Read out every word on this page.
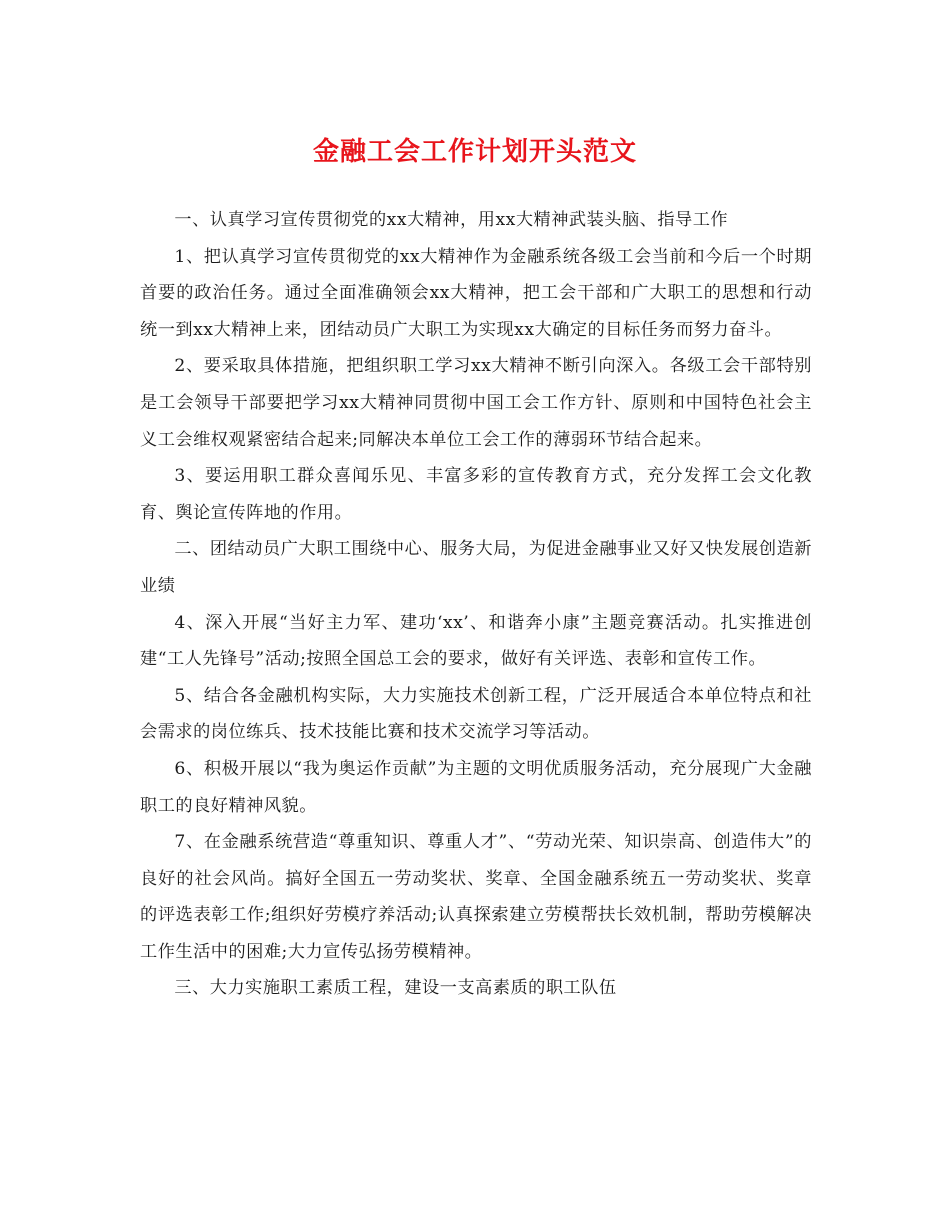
金融工会工作计划开头范文

一、认真学习宣传贯彻党的xx大精神，用xx大精神武装头脑、指导工作

1、把认真学习宣传贯彻党的xx大精神作为金融系统各级工会当前和今后一个时期首要的政治任务。通过全面准确领会xx大精神，把工会干部和广大职工的思想和行动统一到xx大精神上来，团结动员广大职工为实现xx大确定的目标任务而努力奋斗。

2、要采取具体措施，把组织职工学习xx大精神不断引向深入。各级工会干部特别是工会领导干部要把学习xx大精神同贯彻中国工会工作方针、原则和中国特色社会主义工会维权观紧密结合起来;同解决本单位工会工作的薄弱环节结合起来。

3、要运用职工群众喜闻乐见、丰富多彩的宣传教育方式，充分发挥工会文化教育、舆论宣传阵地的作用。

二、团结动员广大职工围绕中心、服务大局，为促进金融事业又好又快发展创造新业绩

4、深入开展“当好主力军、建功‘xx’、和谐奔小康”主题竞赛活动。扎实推进创建“工人先锋号”活动;按照全国总工会的要求，做好有关评选、表彰和宣传工作。

5、结合各金融机构实际，大力实施技术创新工程，广泛开展适合本单位特点和社会需求的岗位练兵、技术技能比赛和技术交流学习等活动。

6、积极开展以“我为奥运作贡献”为主题的文明优质服务活动，充分展现广大金融职工的良好精神风貌。

7、在金融系统营造“尊重知识、尊重人才”、“劳动光荣、知识崇高、创造伟大”的良好的社会风尚。搞好全国五一劳动奖状、奖章、全国金融系统五一劳动奖状、奖章的评选表彰工作;组织好劳模疗养活动;认真探索建立劳模帮扶长效机制，帮助劳模解决工作生活中的困难;大力宣传弘扬劳模精神。

三、大力实施职工素质工程，建设一支高素质的职工队伍
